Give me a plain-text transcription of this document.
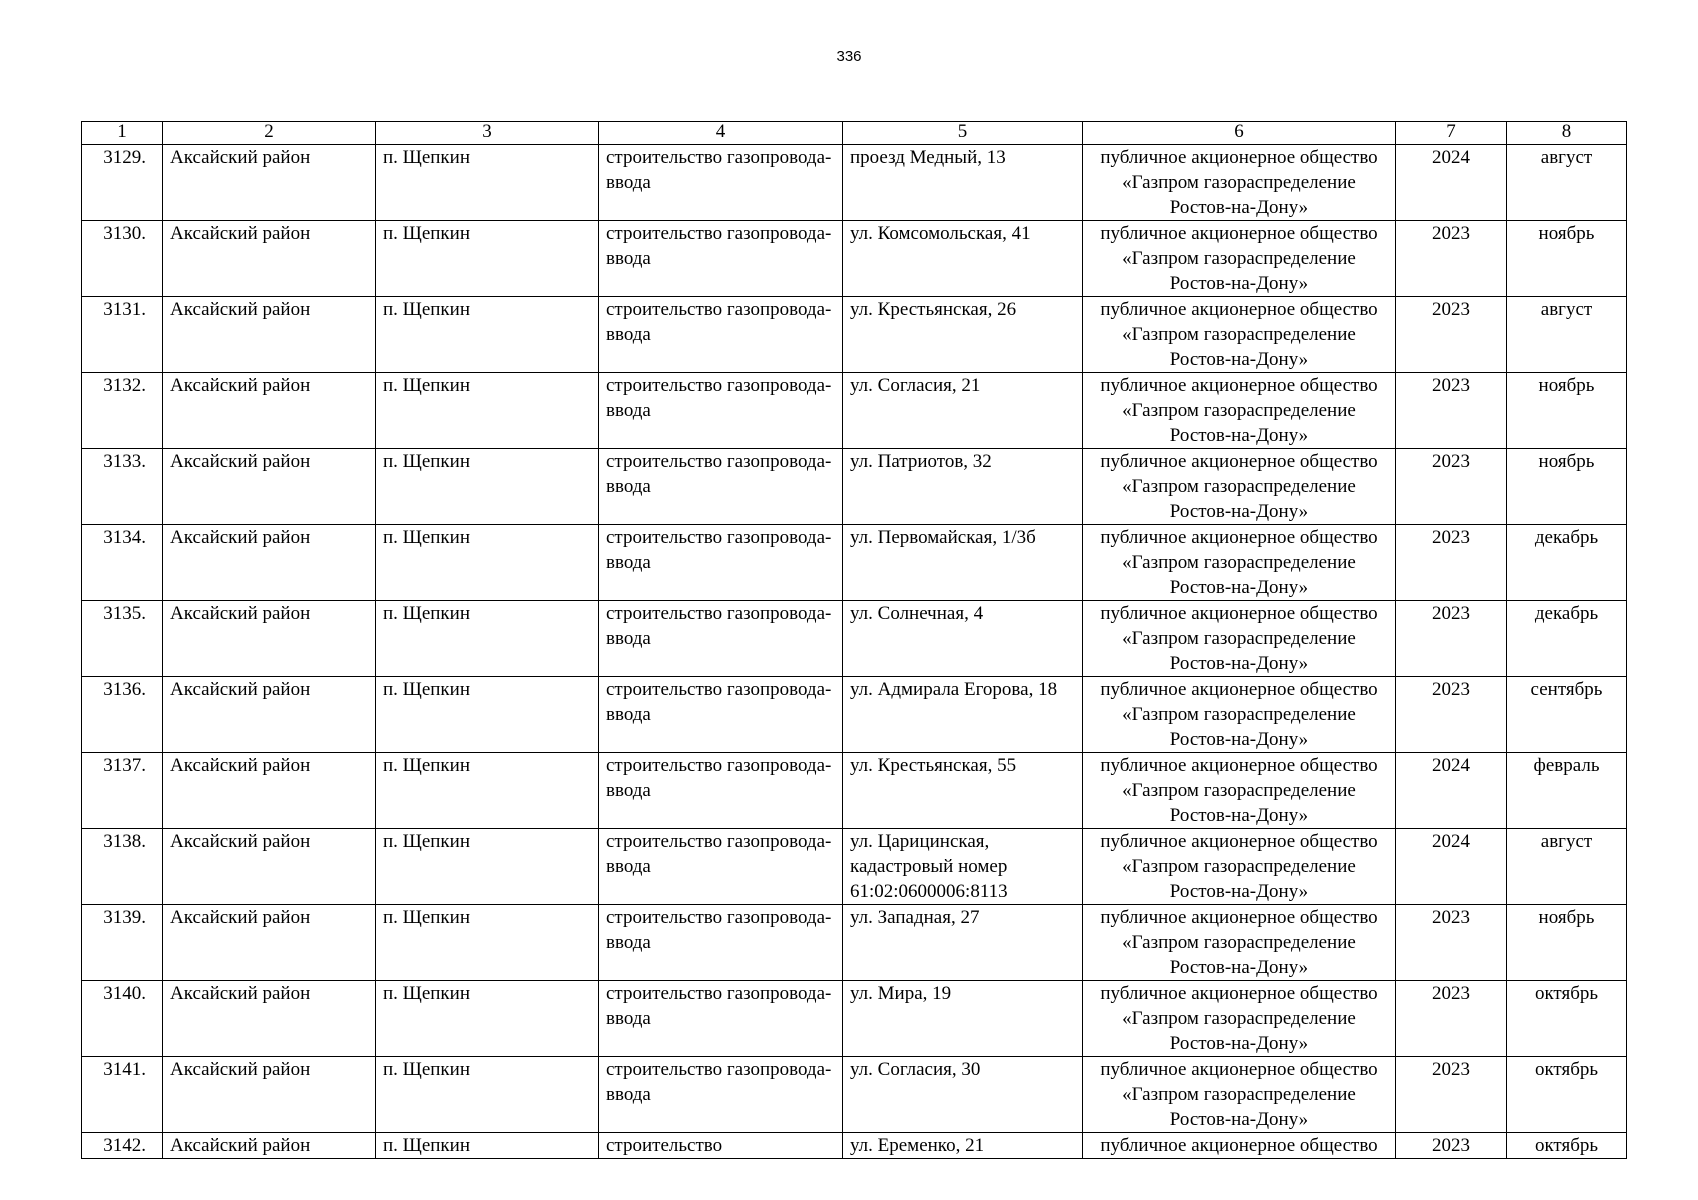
336
1	2	3	4	5	6	7	8
3129.	Аксайский район	п. Щепкин	строительство газопровода-ввода	проезд Медный, 13	публичное акционерное общество «Газпром газораспределение Ростов-на-Дону»	2024	август
3130.	Аксайский район	п. Щепкин	строительство газопровода-ввода	ул. Комсомольская, 41	публичное акционерное общество «Газпром газораспределение Ростов-на-Дону»	2023	ноябрь
3131.	Аксайский район	п. Щепкин	строительство газопровода-ввода	ул. Крестьянская, 26	публичное акционерное общество «Газпром газораспределение Ростов-на-Дону»	2023	август
3132.	Аксайский район	п. Щепкин	строительство газопровода-ввода	ул. Согласия, 21	публичное акционерное общество «Газпром газораспределение Ростов-на-Дону»	2023	ноябрь
3133.	Аксайский район	п. Щепкин	строительство газопровода-ввода	ул. Патриотов, 32	публичное акционерное общество «Газпром газораспределение Ростов-на-Дону»	2023	ноябрь
3134.	Аксайский район	п. Щепкин	строительство газопровода-ввода	ул. Первомайская, 1/3б	публичное акционерное общество «Газпром газораспределение Ростов-на-Дону»	2023	декабрь
3135.	Аксайский район	п. Щепкин	строительство газопровода-ввода	ул. Солнечная, 4	публичное акционерное общество «Газпром газораспределение Ростов-на-Дону»	2023	декабрь
3136.	Аксайский район	п. Щепкин	строительство газопровода-ввода	ул. Адмирала Егорова, 18	публичное акционерное общество «Газпром газораспределение Ростов-на-Дону»	2023	сентябрь
3137.	Аксайский район	п. Щепкин	строительство газопровода-ввода	ул. Крестьянская, 55	публичное акционерное общество «Газпром газораспределение Ростов-на-Дону»	2024	февраль
3138.	Аксайский район	п. Щепкин	строительство газопровода-ввода	ул. Царицинская, кадастровый номер 61:02:0600006:8113	публичное акционерное общество «Газпром газораспределение Ростов-на-Дону»	2024	август
3139.	Аксайский район	п. Щепкин	строительство газопровода-ввода	ул. Западная, 27	публичное акционерное общество «Газпром газораспределение Ростов-на-Дону»	2023	ноябрь
3140.	Аксайский район	п. Щепкин	строительство газопровода-ввода	ул. Мира, 19	публичное акционерное общество «Газпром газораспределение Ростов-на-Дону»	2023	октябрь
3141.	Аксайский район	п. Щепкин	строительство газопровода-ввода	ул. Согласия, 30	публичное акционерное общество «Газпром газораспределение Ростов-на-Дону»	2023	октябрь
3142.	Аксайский район	п. Щепкин	строительство	ул. Еременко, 21	публичное акционерное общество	2023	октябрь
